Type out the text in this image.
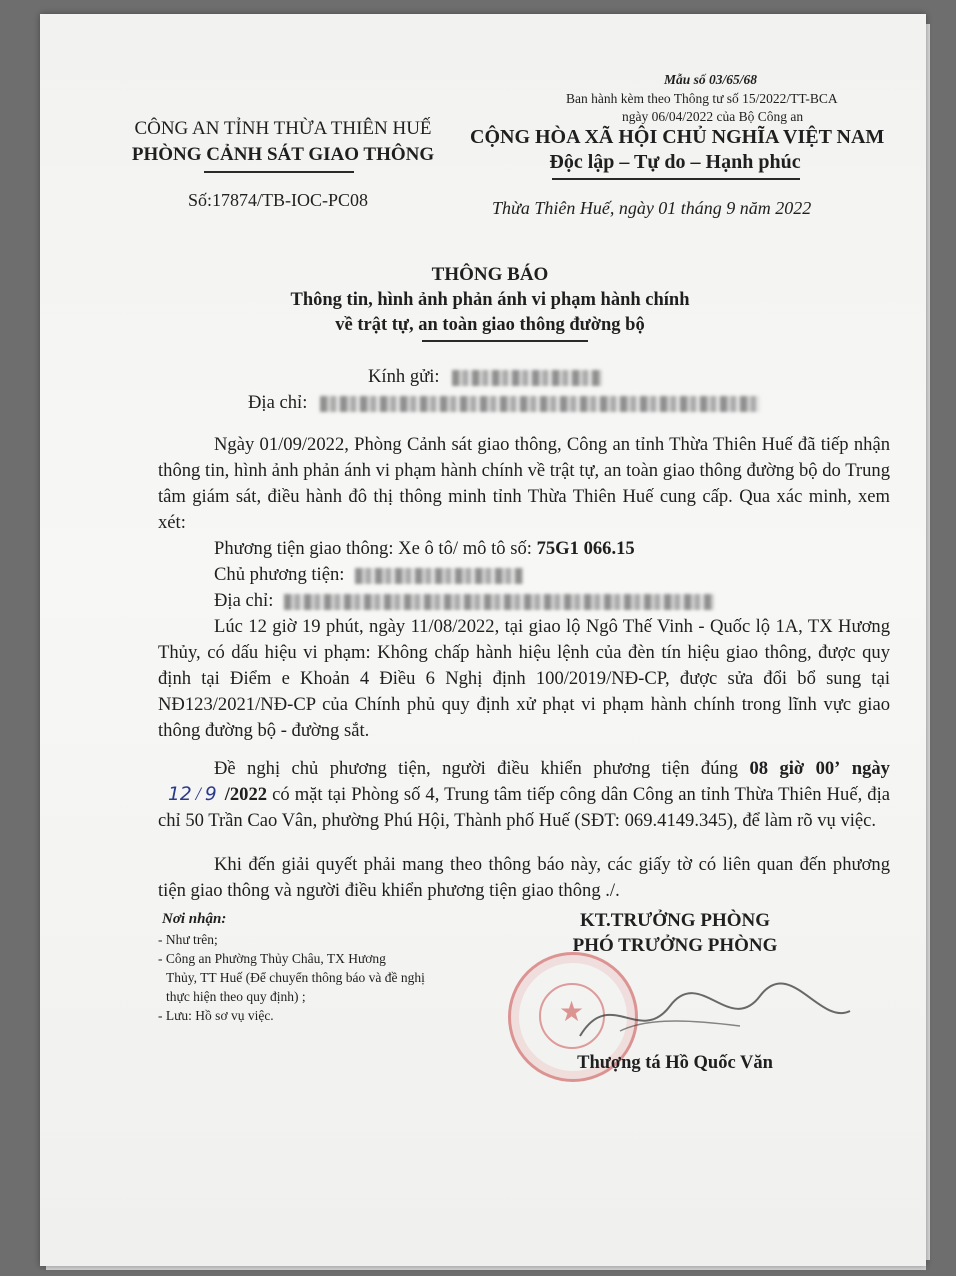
Mẫu số 03/65/68
Ban hành kèm theo Thông tư số 15/2022/TT-BCA
ngày 06/04/2022 của Bộ Công an
CÔNG AN TỈNH THỪA THIÊN HUẾ
PHÒNG CẢNH SÁT GIAO THÔNG
Số:17874/TB-IOC-PC08
CỘNG HÒA XÃ HỘI CHỦ NGHĨA VIỆT NAM
Độc lập – Tự do – Hạnh phúc
Thừa Thiên Huế, ngày 01 tháng 9 năm 2022
THÔNG BÁO
Thông tin, hình ảnh phản ánh vi phạm hành chính
về trật tự, an toàn giao thông đường bộ
Kính gửi:
Địa chỉ:
Ngày 01/09/2022, Phòng Cảnh sát giao thông, Công an tỉnh Thừa Thiên Huế đã tiếp nhận thông tin, hình ảnh phản ánh vi phạm hành chính về trật tự, an toàn giao thông đường bộ do Trung tâm giám sát, điều hành đô thị thông minh tỉnh Thừa Thiên Huế cung cấp. Qua xác minh, xem xét:
Phương tiện giao thông: Xe ô tô/ mô tô số: 75G1 066.15
Chủ phương tiện:
Địa chỉ:
Lúc 12 giờ 19 phút, ngày 11/08/2022, tại giao lộ Ngô Thế Vinh - Quốc lộ 1A, TX Hương Thủy, có dấu hiệu vi phạm: Không chấp hành hiệu lệnh của đèn tín hiệu giao thông, được quy định tại Điểm e Khoản 4 Điều 6 Nghị định 100/2019/NĐ-CP, được sửa đổi bổ sung tại NĐ123/2021/NĐ-CP của Chính phủ quy định xử phạt vi phạm hành chính trong lĩnh vực giao thông đường bộ - đường sắt.
Đề nghị chủ phương tiện, người điều khiển phương tiện đúng 08 giờ 00’ ngày 12 / 9 /2022 có mặt tại Phòng số 4, Trung tâm tiếp công dân Công an tỉnh Thừa Thiên Huế, địa chỉ 50 Trần Cao Vân, phường Phú Hội, Thành phố Huế (SĐT: 069.4149.345), để làm rõ vụ việc.
Khi đến giải quyết phải mang theo thông báo này, các giấy tờ có liên quan đến phương tiện giao thông và người điều khiển phương tiện giao thông ./.
Nơi nhận:
- Như trên;
- Công an Phường Thủy Châu, TX Hương
Thủy, TT Huế (Để chuyển thông báo và đề nghị
thực hiện theo quy định) ;
- Lưu: Hồ sơ vụ việc.
KT.TRƯỞNG PHÒNG
PHÓ TRƯỞNG PHÒNG
★
Thượng tá Hồ Quốc Văn
